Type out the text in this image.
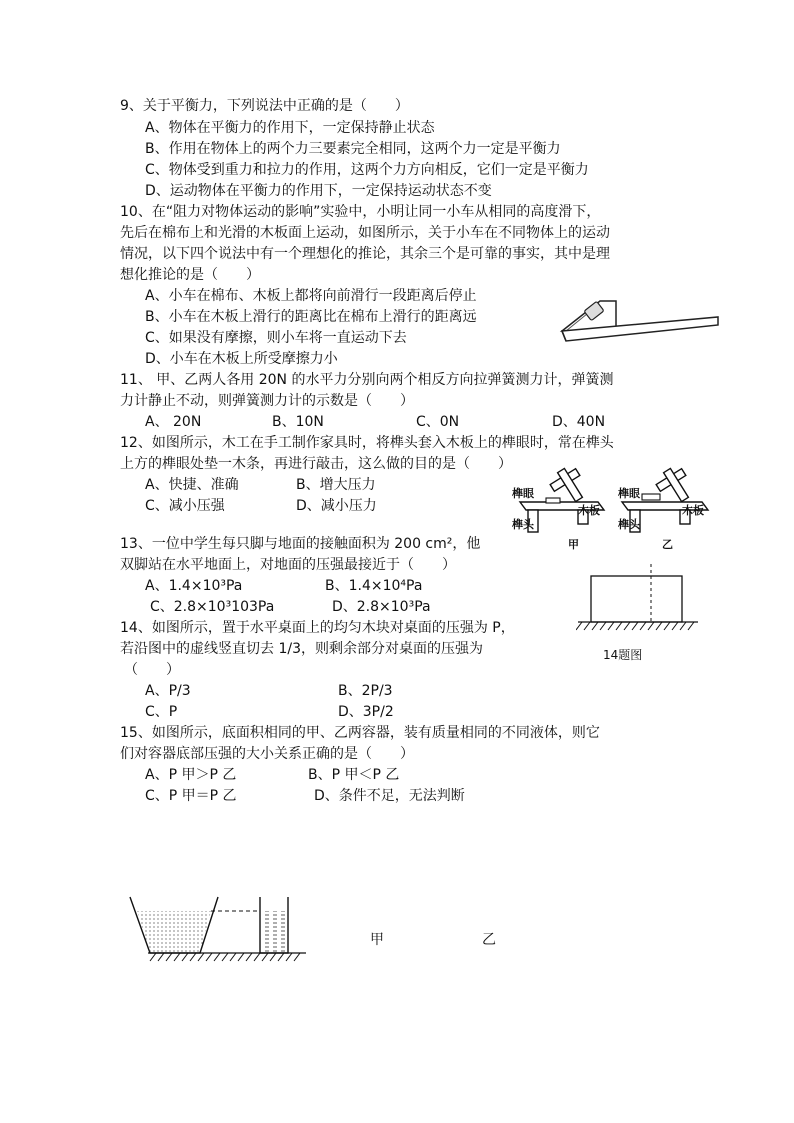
9、关于平衡力，下列说法中正确的是（　　）
A、物体在平衡力的作用下，一定保持静止状态
B、作用在物体上的两个力三要素完全相同，这两个力一定是平衡力
C、物体受到重力和拉力的作用，这两个力方向相反，它们一定是平衡力
D、运动物体在平衡力的作用下，一定保持运动状态不变
10、在“阻力对物体运动的影响”实验中，小明让同一小车从相同的高度滑下，
先后在棉布上和光滑的木板面上运动，如图所示，关于小车在不同物体上的运动
情况，以下四个说法中有一个理想化的推论，其余三个是可靠的事实，其中是理
想化推论的是（　　）
A、小车在棉布、木板上都将向前滑行一段距离后停止
B、小车在木板上滑行的距离比在棉布上滑行的距离远
C、如果没有摩擦，则小车将一直运动下去
D、小车在木板上所受摩擦力小
11、 甲、乙两人各用 20N 的水平力分别向两个相反方向拉弹簧测力计，弹簧测
力计静止不动，则弹簧测力计的示数是（　　）
A、 20N	B、10N	C、0N	D、40N
12、如图所示，木工在手工制作家具时，将榫头套入木板上的榫眼时，常在榫头
上方的榫眼处垫一木条，再进行敲击，这么做的目的是（　　）
A、快捷、准确	B、增大压力
C、减小压强	D、减小压力
榫眼
木板
榫头
甲
榫眼
木板
榫头
乙
13、一位中学生每只脚与地面的接触面积为 200 cm²，他
双脚站在水平地面上，对地面的压强最接近于（　　）
A、1.4×10³Pa	B、1.4×10⁴Pa
C、2.8×10³103Pa	D、2.8×10³Pa
14、如图所示，置于水平桌面上的均匀木块对桌面的压强为 P，
若沿图中的虚线竖直切去 1/3，则剩余部分对桌面的压强为
（　　）
A、P/3	B、2P/3
C、P	D、3P/2
14题图
15、如图所示，底面积相同的甲、乙两容器，装有质量相同的不同液体，则它
们对容器底部压强的大小关系正确的是（　　）
A、P 甲＞P 乙	B、P 甲＜P 乙
C、P 甲＝P 乙	D、条件不足，无法判断
甲	乙
